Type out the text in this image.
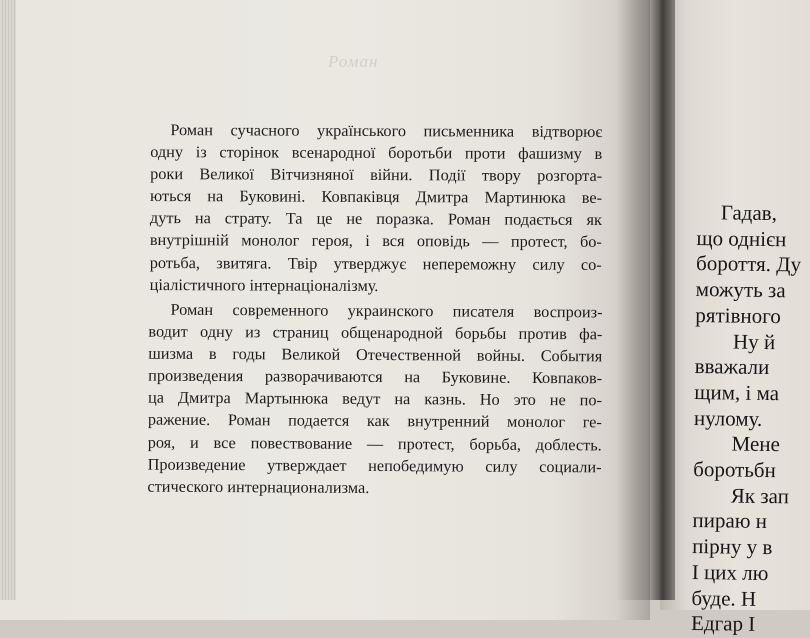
Роман
Роман сучасного українського письменника відтворює
одну із сторінок всенародної боротьби проти фашизму в
роки Великої Вітчизняної війни. Події твору розгорта-
ються на Буковині. Ковпаківця Дмитра Мартинюка ве-
дуть на страту. Та це не поразка. Роман подається як
внутрішній монолог героя, і вся оповідь — протест, бо-
ротьба, звитяга. Твір утверджує непереможну силу со-
ціалістичного інтернаціоналізму.
Роман современного украинского писателя воспроиз-
водит одну из страниц общенародной борьбы против фа-
шизма в годы Великой Отечественной войны. События
произведения разворачиваются на Буковине. Ковпаков-
ца Дмитра Мартынюка ведут на казнь. Но это не по-
ражение. Роман подается как внутренний монолог ге-
роя, и все повествование — протест, борьба, доблесть.
Произведение утверждает непобедимую силу социали-
стического интернационализма.
Гадав,
що однієн
бороття. Ду
можуть за
рятівного
Ну й
вважали
щим, і ма
нулому.
Мене
боротьбн
Як зап
пираю н
пірну у в
І цих лю
буде. Н
Едгар І
